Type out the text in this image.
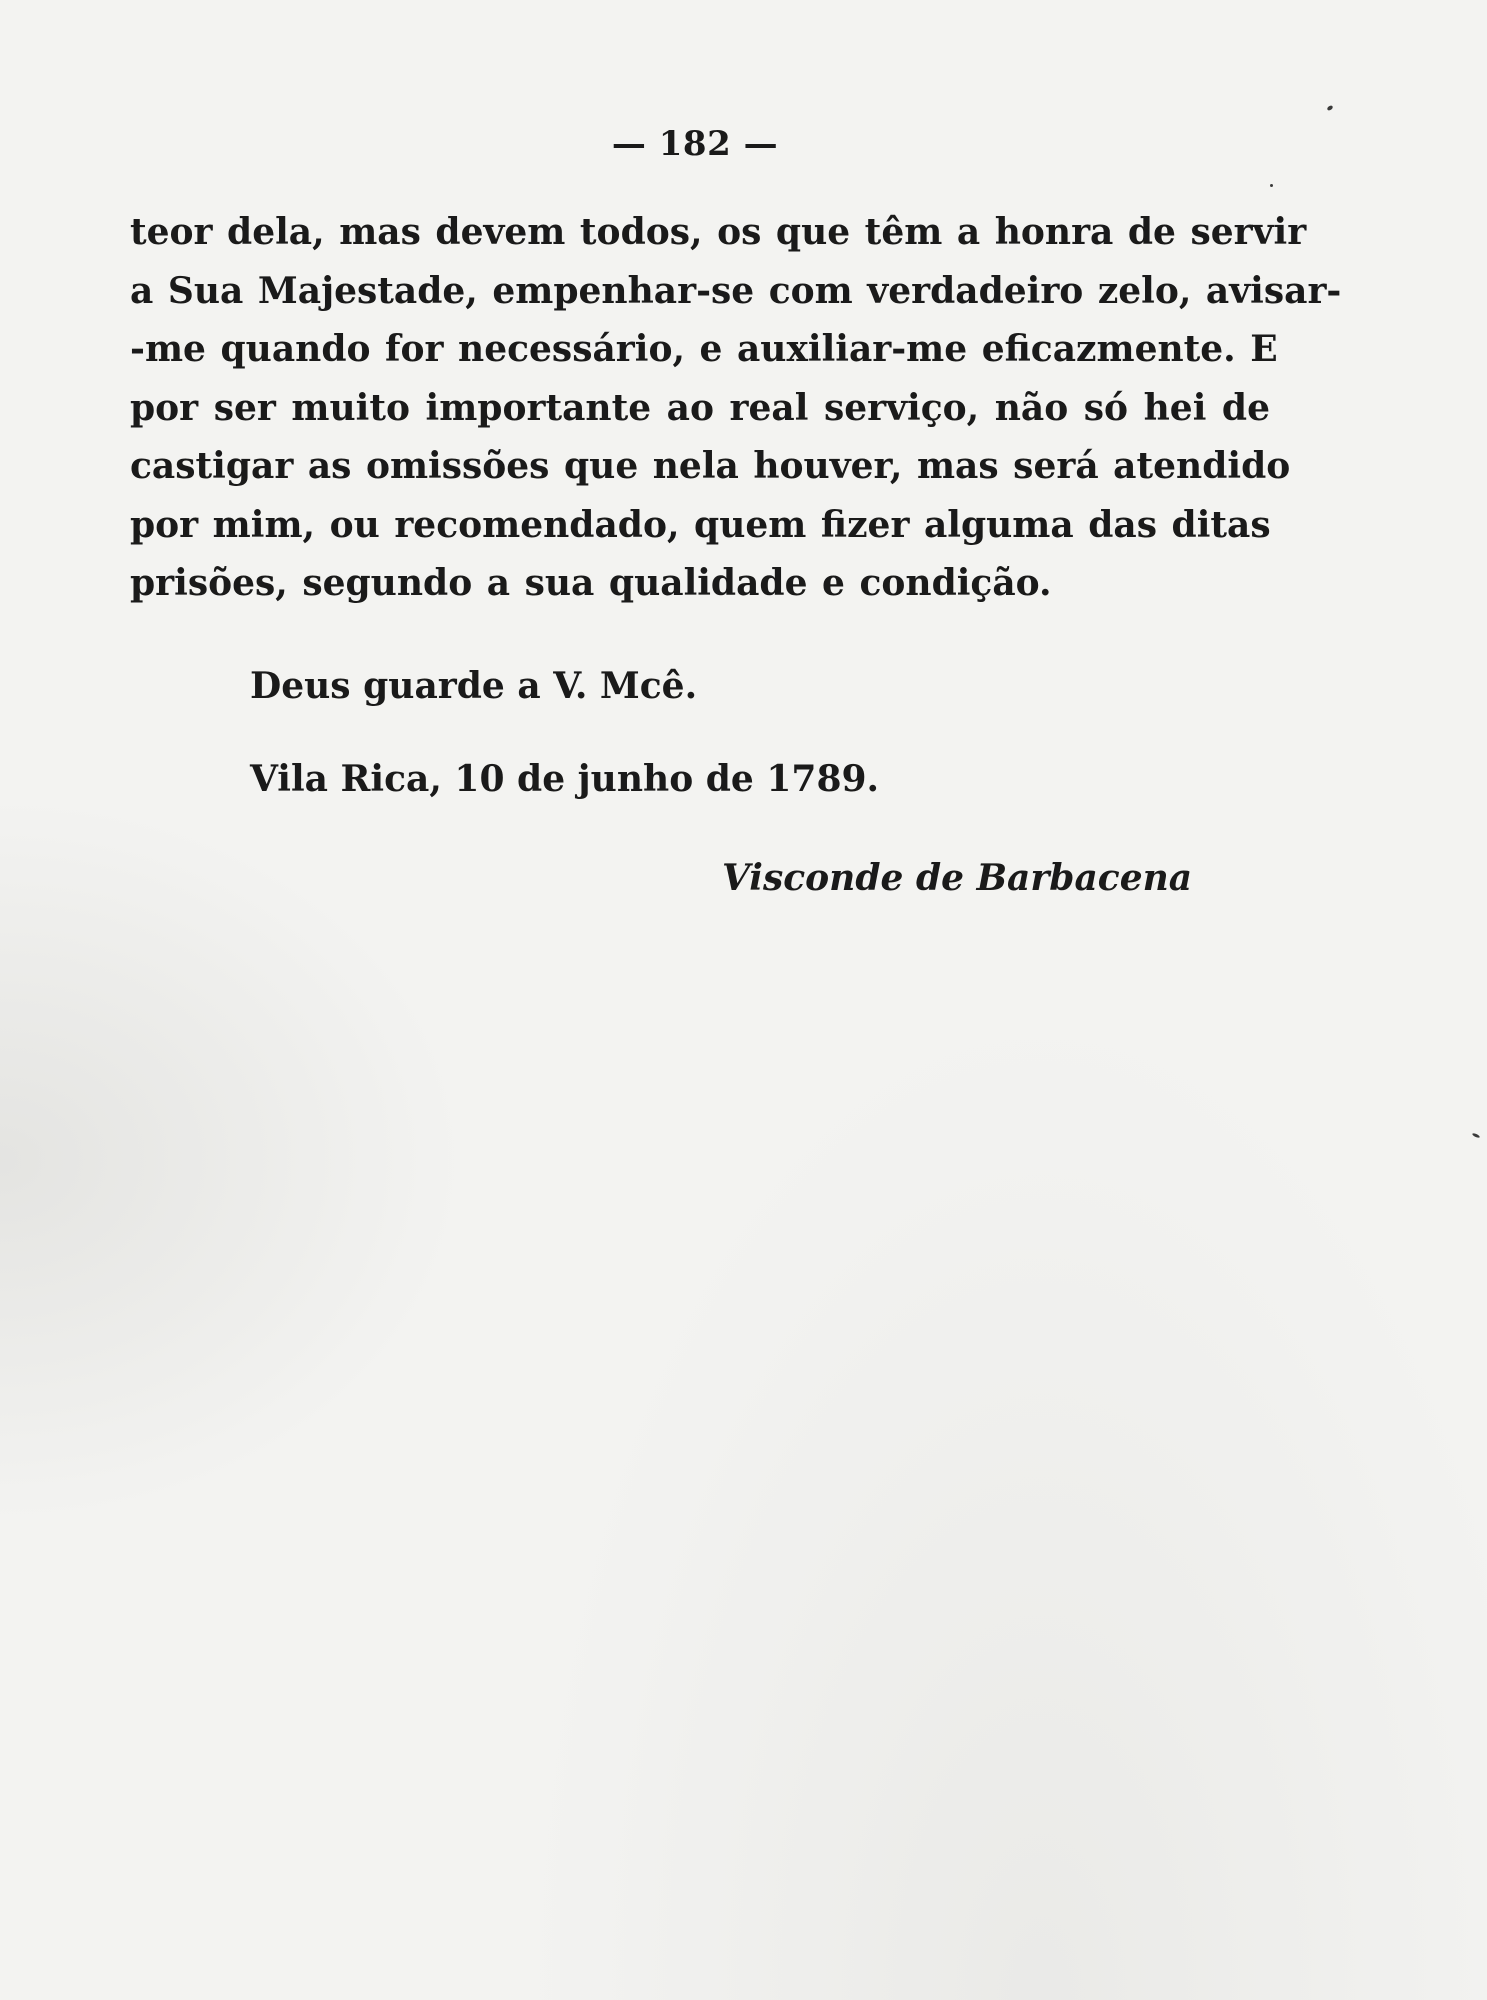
— 182 —
teor dela, mas devem todos, os que têm a honra de servir
a Sua Majestade, empenhar-se com verdadeiro zelo, avisar-
-me quando for necessário, e auxiliar-me eficazmente. E
por ser muito importante ao real serviço, não só hei de
castigar as omissões que nela houver, mas será atendido
por mim, ou recomendado, quem fizer alguma das ditas
prisões, segundo a sua qualidade e condição.
Deus guarde a V. Mcê.
Vila Rica, 10 de junho de 1789.
Visconde de Barbacena
